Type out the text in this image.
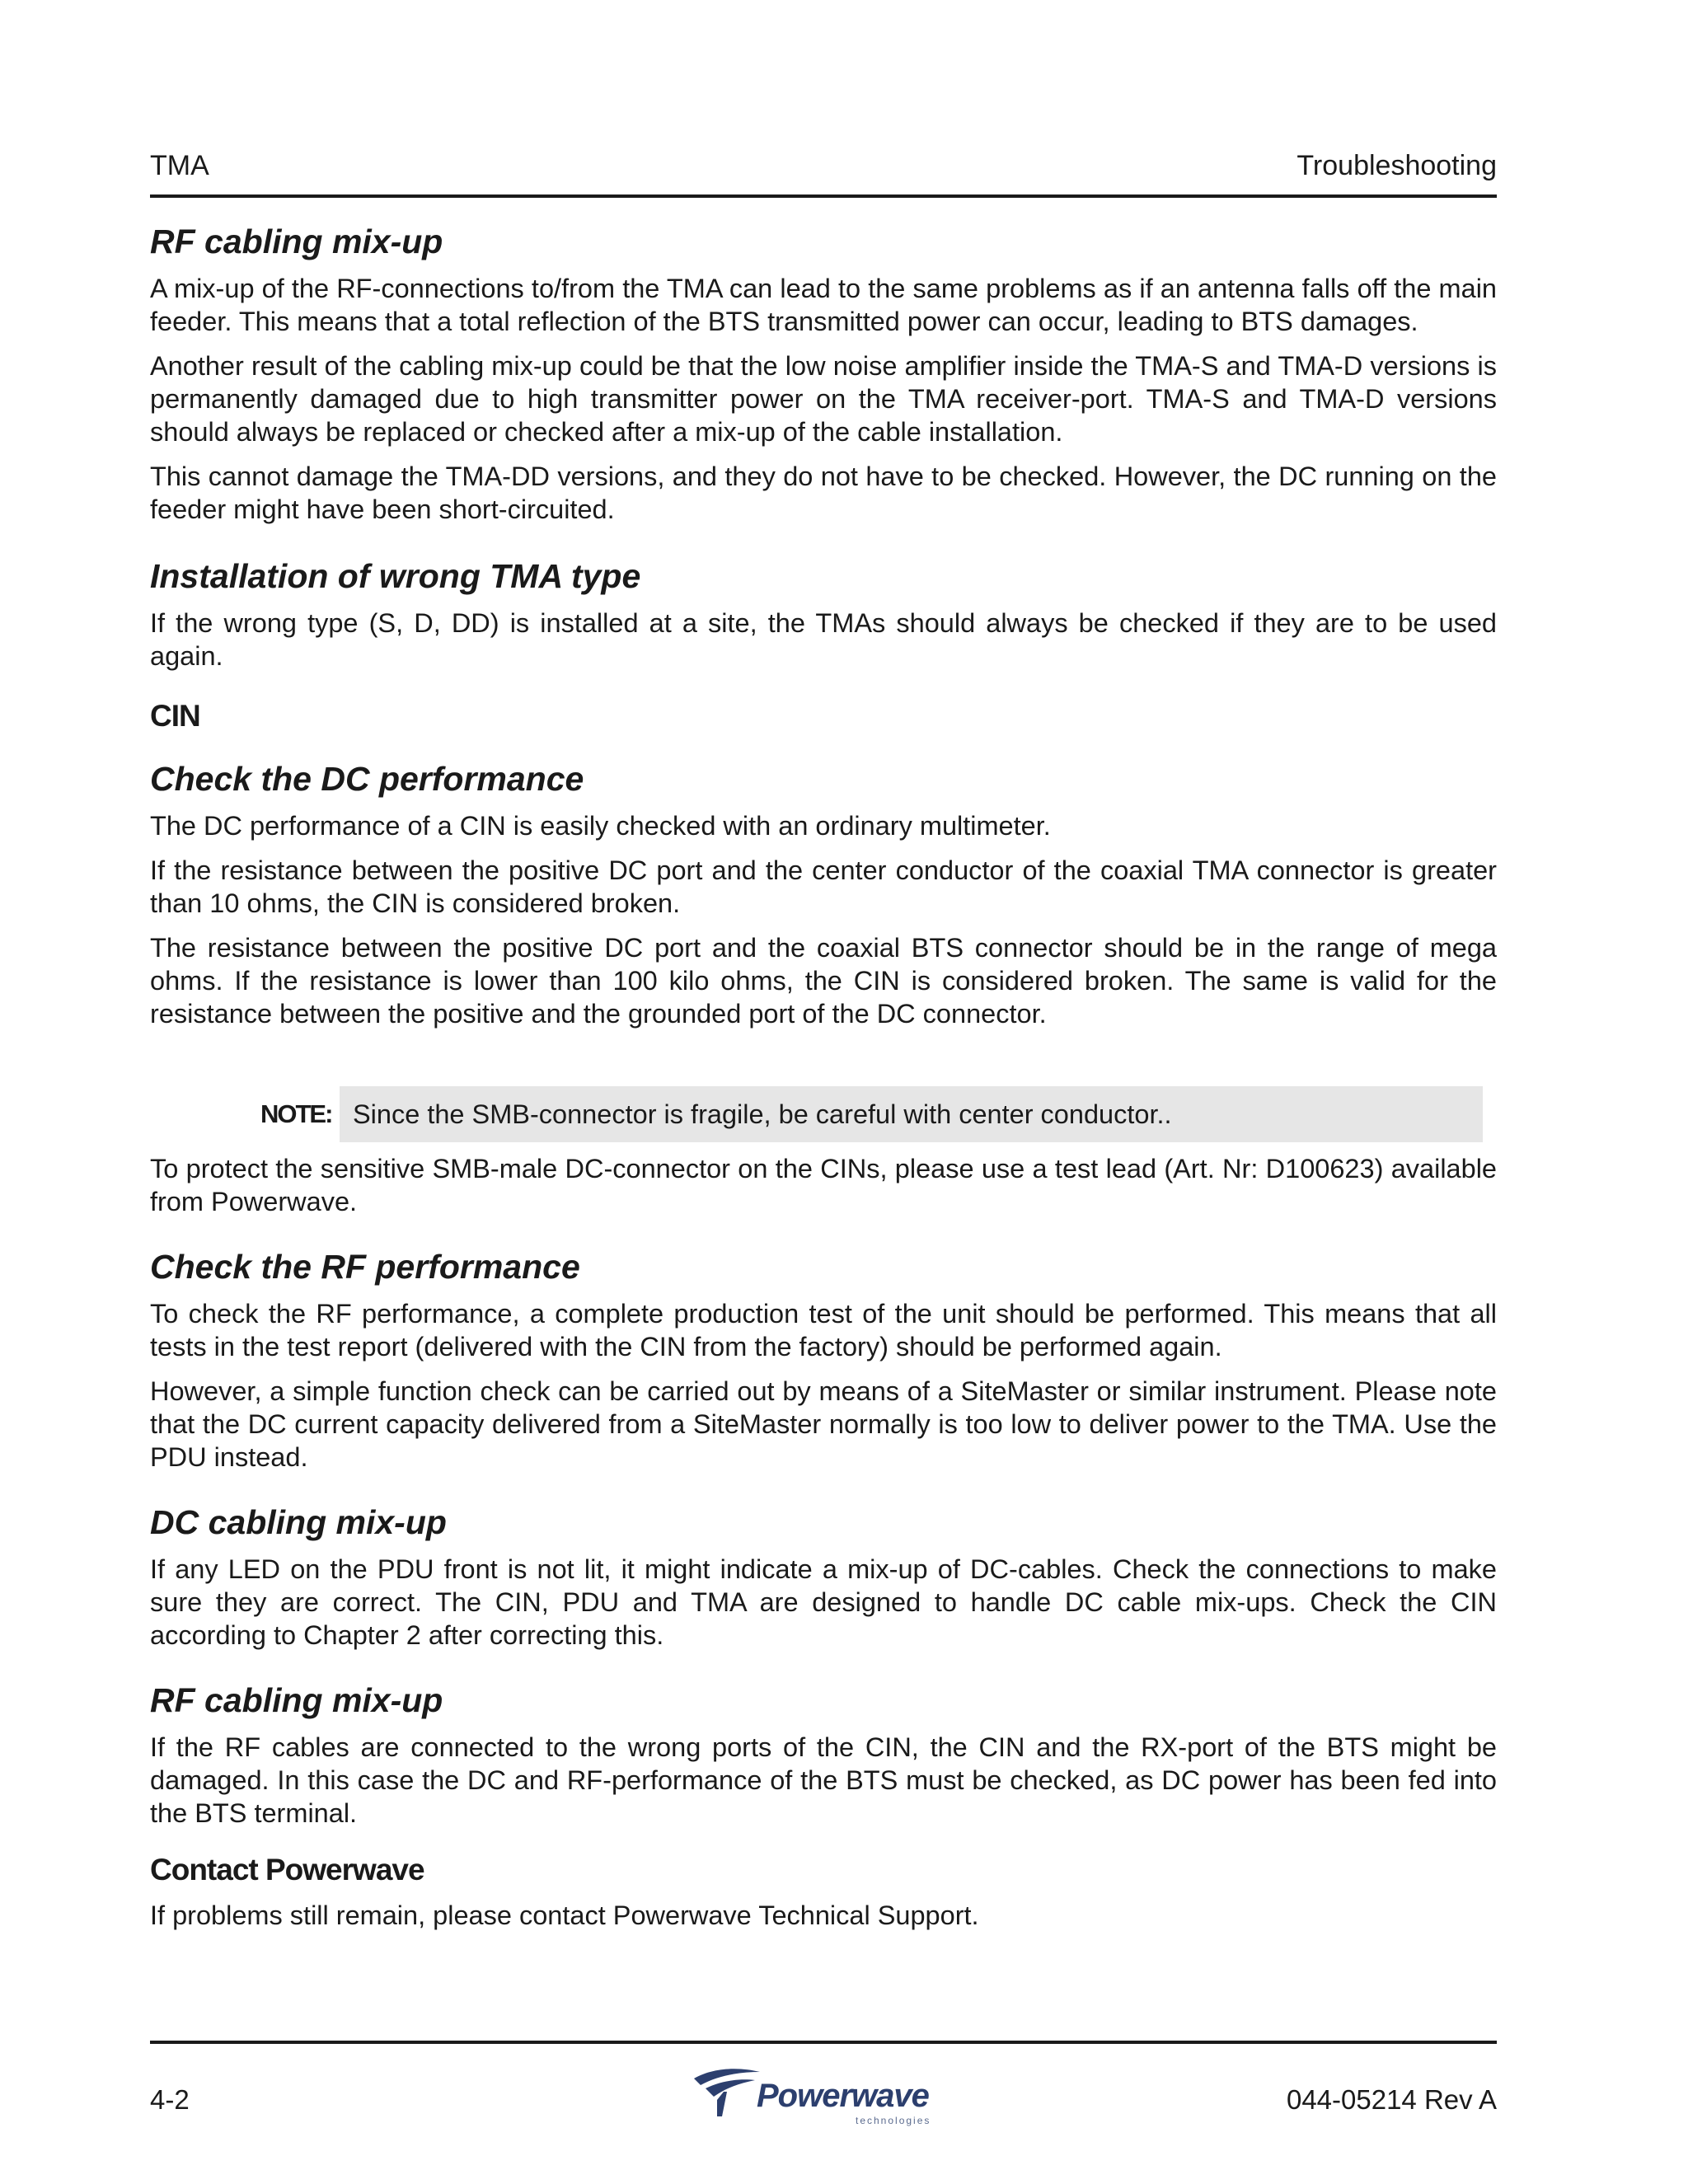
TMA	Troubleshooting
RF cabling mix-up

A mix-up of the RF-connections to/from the TMA can lead to the same problems as if an antenna falls off the main feeder. This means that a total reflection of the BTS transmitted power can occur, leading to BTS damages.

Another result of the cabling mix-up could be that the low noise amplifier inside the TMA-S and TMA-D versions is permanently damaged due to high transmitter power on the TMA receiver-port. TMA-S and TMA-D versions should always be replaced or checked after a mix-up of the cable installation.

This cannot damage the TMA-DD versions, and they do not have to be checked. However, the DC running on the feeder might have been short-circuited.

Installation of wrong TMA type

If the wrong type (S, D, DD) is installed at a site, the TMAs should always be checked if they are to be used again.

CIN
Check the DC performance

The DC performance of a CIN is easily checked with an ordinary multimeter.

If the resistance between the positive DC port and the center conductor of the coaxial TMA connector is greater than 10 ohms, the CIN is considered broken.

The resistance between the positive DC port and the coaxial BTS connector should be in the range of mega ohms. If the resistance is lower than 100 kilo ohms, the CIN is considered broken. The same is valid for the resistance between the positive and the grounded port of the DC connector.

NOTE: Since the SMB-connector is fragile, be careful with center conductor..

To protect the sensitive SMB-male DC-connector on the CINs, please use a test lead (Art. Nr: D100623) available from Powerwave.

Check the RF performance

To check the RF performance, a complete production test of the unit should be performed. This means that all tests in the test report (delivered with the CIN from the factory) should be performed again.

However, a simple function check can be carried out by means of a SiteMaster or similar instrument. Please note that the DC current capacity delivered from a SiteMaster normally is too low to deliver power to the TMA. Use the PDU instead.

DC cabling mix-up

If any LED on the PDU front is not lit, it might indicate a mix-up of DC-cables. Check the connections to make sure they are correct. The CIN, PDU and TMA are designed to handle DC cable mix-ups. Check the CIN according to Chapter 2 after correcting this.

RF cabling mix-up

If the RF cables are connected to the wrong ports of the CIN, the CIN and the RX-port of the BTS might be damaged. In this case the DC and RF-performance of the BTS must be checked, as DC power has been fed into the BTS terminal.

Contact Powerwave

If problems still remain, please contact Powerwave Technical Support.

4-2	044-05214 Rev A
Powerwave
technologies
